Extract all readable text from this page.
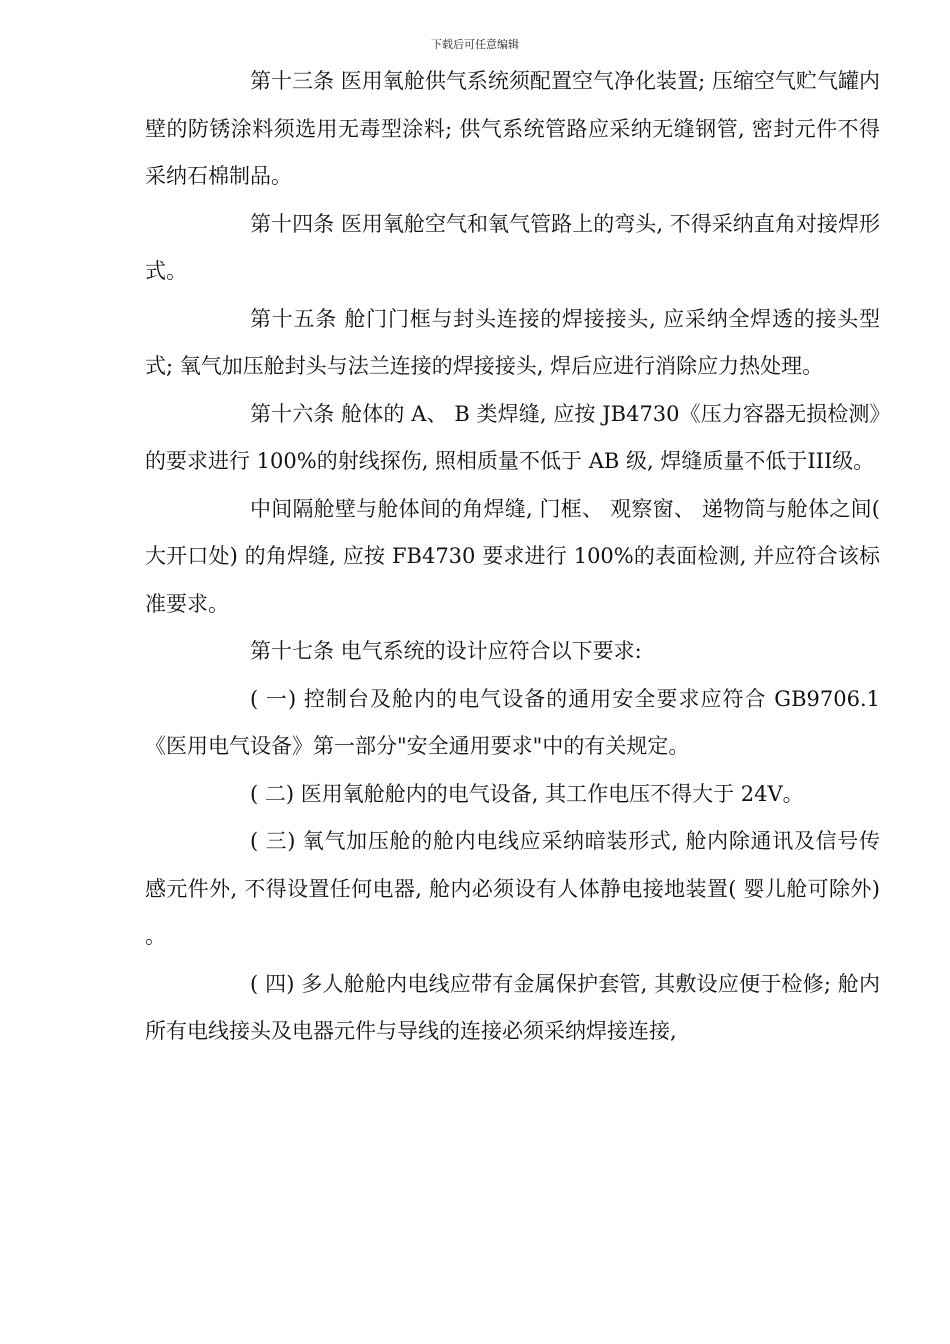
下载后可任意编辑

第十三条 医用氧舱供气系统须配置空气净化装置; 压缩空气贮气罐内壁的防锈涂料须选用无毒型涂料; 供气系统管路应采纳无缝钢管, 密封元件不得采纳石棉制品。

第十四条 医用氧舱空气和氧气管路上的弯头, 不得采纳直角对接焊形式。

第十五条 舱门门框与封头连接的焊接接头, 应采纳全焊透的接头型式; 氧气加压舱封头与法兰连接的焊接接头, 焊后应进行消除应力热处理。

第十六条 舱体的 A、 B 类焊缝, 应按 JB4730《压力容器无损检测》的要求进行 100%的射线探伤, 照相质量不低于 AB 级, 焊缝质量不低于III级。

中间隔舱壁与舱体间的角焊缝, 门框、 观察窗、 递物筒与舱体之间( 大开口处) 的角焊缝, 应按 FB4730 要求进行 100%的表面检测, 并应符合该标准要求。

第十七条 电气系统的设计应符合以下要求:

( 一) 控制台及舱内的电气设备的通用安全要求应符合 GB9706.1《医用电气设备》第一部分"安全通用要求"中的有关规定。

( 二) 医用氧舱舱内的电气设备, 其工作电压不得大于 24V。

( 三) 氧气加压舱的舱内电线应采纳暗装形式, 舱内除通讯及信号传感元件外, 不得设置任何电器, 舱内必须设有人体静电接地装置( 婴儿舱可除外) 。

( 四) 多人舱舱内电线应带有金属保护套管, 其敷设应便于检修; 舱内所有电线接头及电器元件与导线的连接必须采纳焊接连接,
